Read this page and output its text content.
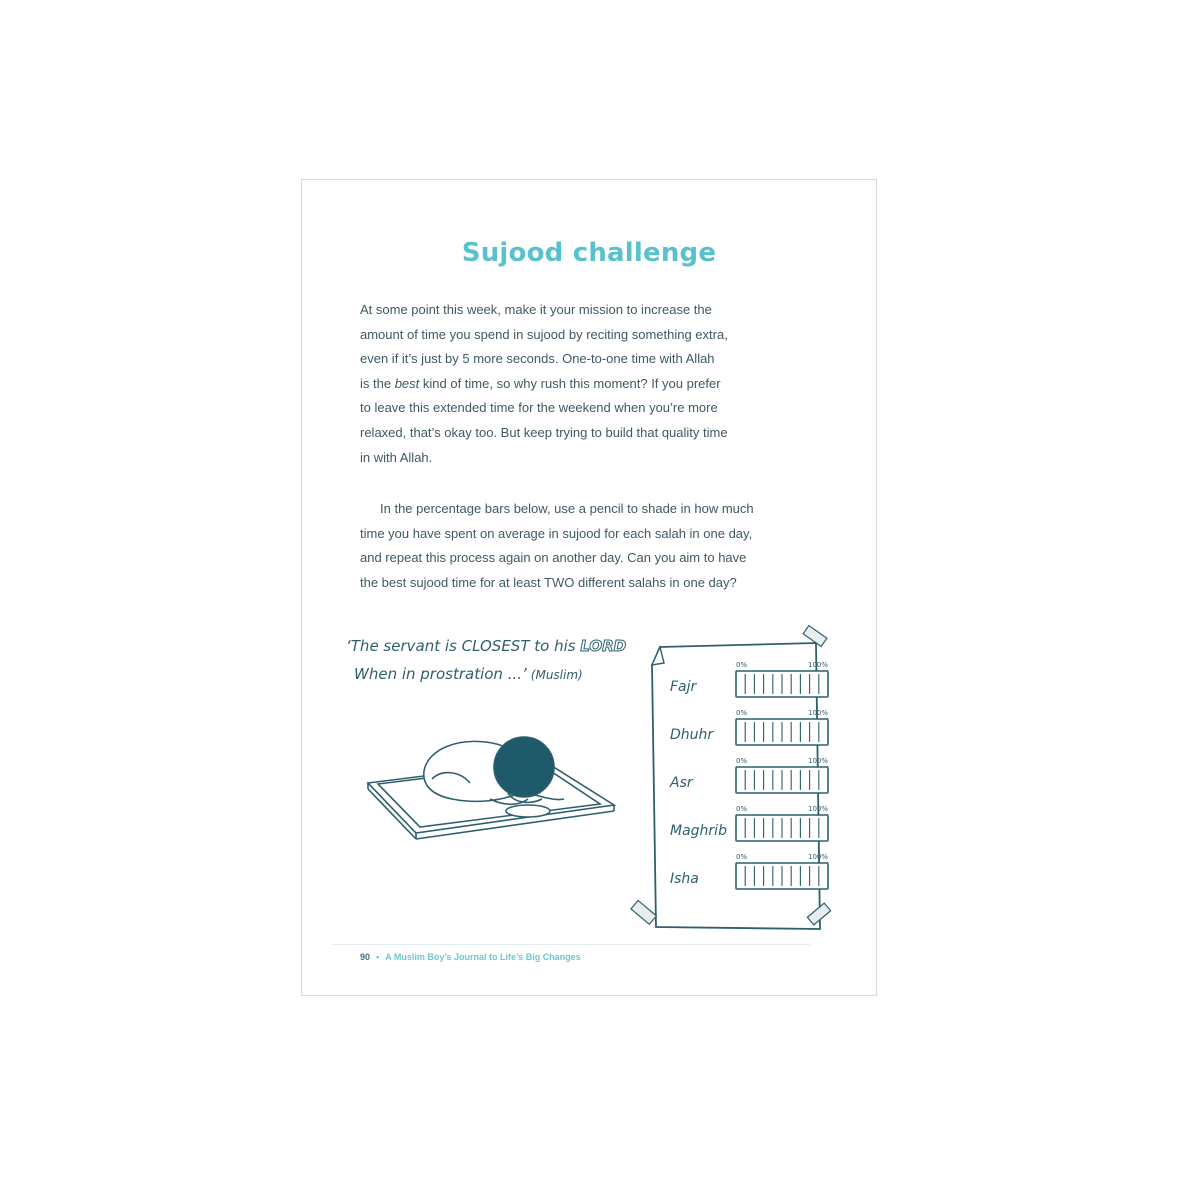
Sujood challenge
At some point this week, make it your mission to increase the
amount of time you spend in sujood by reciting something extra,
even if it’s just by 5 more seconds. One-to-one time with Allah
is the best kind of time, so why rush this moment? If you prefer
to leave this extended time for the weekend when you’re more
relaxed, that’s okay too. But keep trying to build that quality time
in with Allah.
In the percentage bars below, use a pencil to shade in how much
time you have spent on average in sujood for each salah in one day,
and repeat this process again on another day. Can you aim to have
the best sujood time for at least TWO different salahs in one day?
‘The servant is CLOSEST to his LORD
When in prostration ...’ (Muslim)
Fajr
0%	100%
Dhuhr
0%	100%
Asr
0%	100%
Maghrib
0%	100%
Isha
0%	100%
90 • A Muslim Boy’s Journal to Life’s Big Changes
